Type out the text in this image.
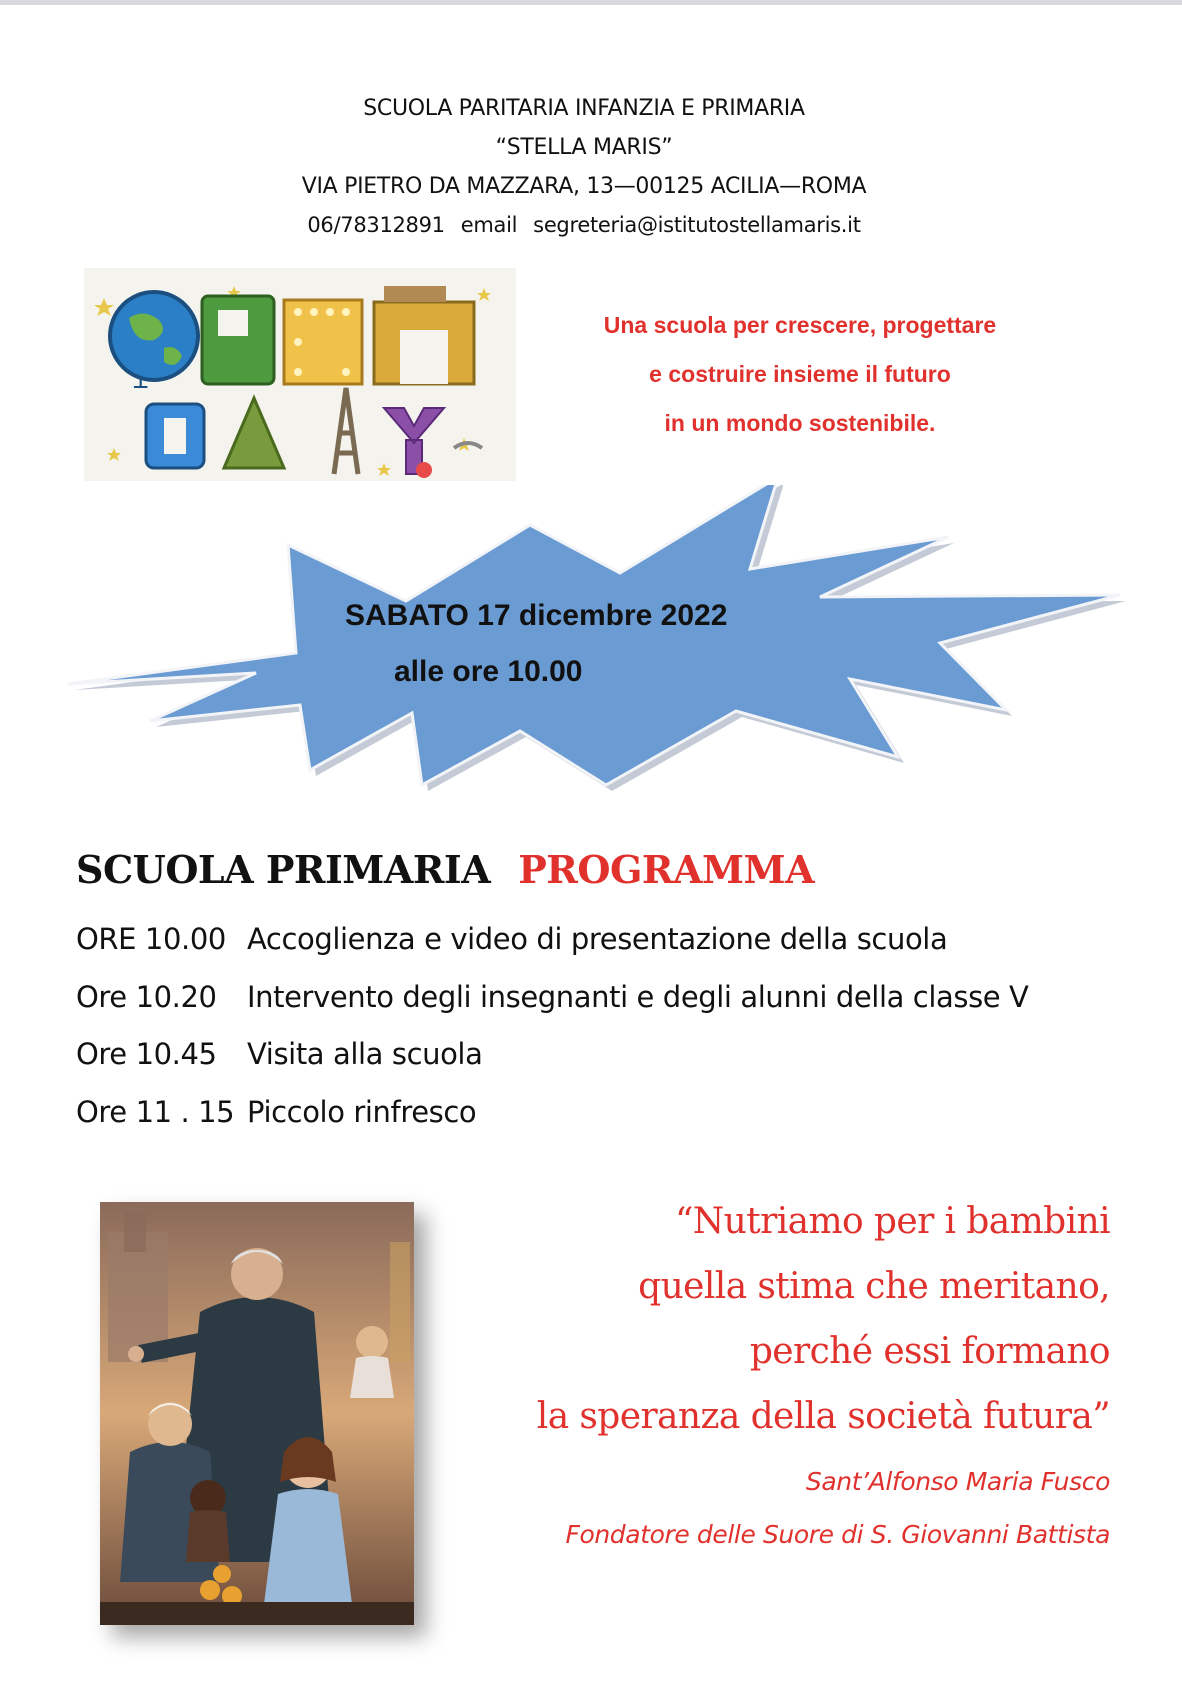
SCUOLA PARITARIA INFANZIA E PRIMARIA
“STELLA MARIS”
VIA PIETRO DA MAZZARA, 13—00125 ACILIA—ROMA
06/78312891 email segreteria@istitutostellamaris.it
⊥
Una scuola per crescere, progettare
e costruire insieme il futuro
in un mondo sostenibile.
SABATO 17 dicembre 2022
alle ore 10.00
SCUOLA PRIMARIA PROGRAMMA
ORE 10.00 Accoglienza e video di presentazione della scuola
Ore 10.20 Intervento degli insegnanti e degli alunni della classe V
Ore 10.45 Visita alla scuola
Ore 11 . 15 Piccolo rinfresco
“Nutriamo per i bambini
quella stima che meritano,
perché essi formano
la speranza della società futura”
Sant’Alfonso Maria Fusco
Fondatore delle Suore di S. Giovanni Battista
